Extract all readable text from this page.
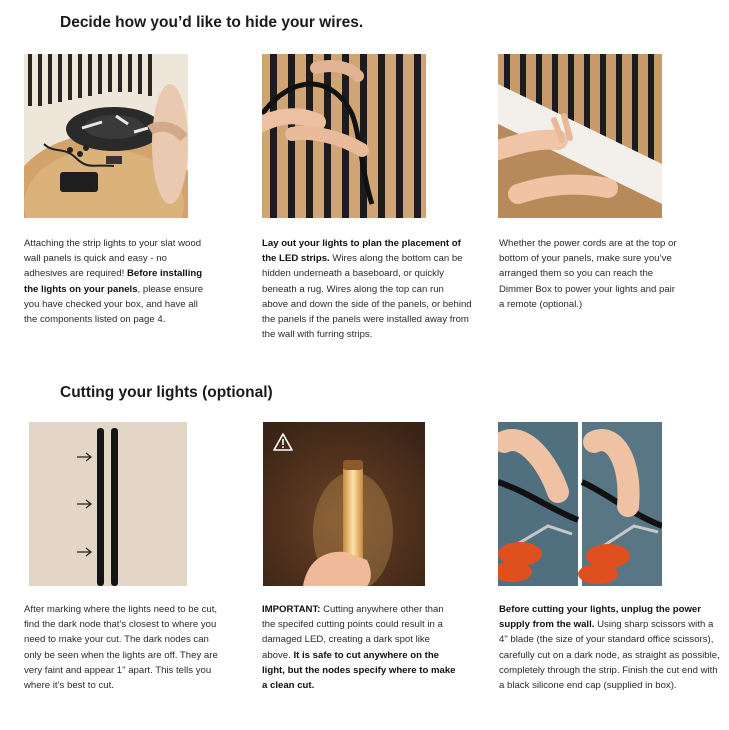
Decide how you’d like to hide your wires.

Attaching the strip lights to your slat wood wall panels is quick and easy - no adhesives are required! Before installing the lights on your panels, please ensure you have checked your box, and have all the components listed on page 4.

Lay out your lights to plan the placement of the LED strips. Wires along the bottom can be hidden underneath a baseboard, or quickly beneath a rug. Wires along the top can run above and down the side of the panels, or behind the panels if the panels were installed away from the wall with furring strips.

Whether the power cords are at the top or bottom of your panels, make sure you’ve arranged them so you can reach the Dimmer Box to power your lights and pair a remote (optional.)

Cutting your lights (optional)

After marking where the lights need to be cut, find the dark node that’s closest to where you need to make your cut. The dark nodes can only be seen when the lights are off. They are very faint and appear 1" apart. This tells you where it’s best to cut.

IMPORTANT: Cutting anywhere other than the specifed cutting points could result in a damaged LED, creating a dark spot like above. It is safe to cut anywhere on the light, but the nodes specify where to make a clean cut.

Before cutting your lights, unplug the power supply from the wall. Using sharp scissors with a 4" blade (the size of your standard office scissors), carefully cut on a dark node, as straight as possible, completely through the strip. Finish the cut end with a black silicone end cap (supplied in box).
